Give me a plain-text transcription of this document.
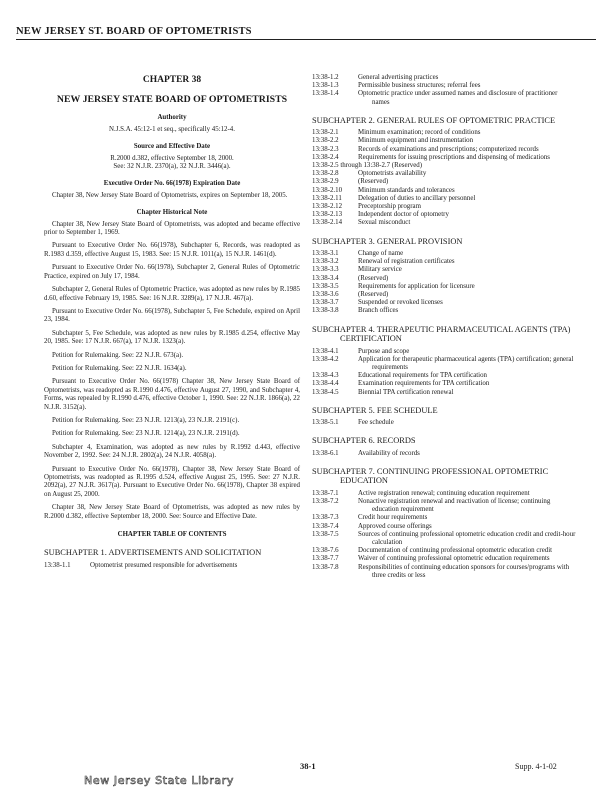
NEW JERSEY ST. BOARD OF OPTOMETRISTS
CHAPTER 38
NEW JERSEY STATE BOARD OF OPTOMETRISTS
Authority

N.J.S.A. 45:12-1 et seq., specifically 45:12-4.

Source and Effective Date

R.2000 d.382, effective September 18, 2000.

See: 32 N.J.R. 2370(a), 32 N.J.R. 3446(a).

Executive Order No. 66(1978) Expiration Date

Chapter 38, New Jersey State Board of Optometrists, expires on September 18, 2005.

Chapter Historical Note

Chapter 38, New Jersey State Board of Optometrists, was adopted and became effective prior to September 1, 1969.

Pursuant to Executive Order No. 66(1978), Subchapter 6, Records, was readopted as R.1983 d.359, effective August 15, 1983. See: 15 N.J.R. 1011(a), 15 N.J.R. 1461(d).

Pursuant to Executive Order No. 66(1978), Subchapter 2, General Rules of Optometric Practice, expired on July 17, 1984.

Subchapter 2, General Rules of Optometric Practice, was adopted as new rules by R.1985 d.60, effective February 19, 1985. See: 16 N.J.R. 3289(a), 17 N.J.R. 467(a).

Pursuant to Executive Order No. 66(1978), Subchapter 5, Fee Schedule, expired on April 23, 1984.

Subchapter 5, Fee Schedule, was adopted as new rules by R.1985 d.254, effective May 20, 1985. See: 17 N.J.R. 667(a), 17 N.J.R. 1323(a).

Petition for Rulemaking. See: 22 N.J.R. 673(a).

Petition for Rulemaking. See: 22 N.J.R. 1634(a).

Pursuant to Executive Order No. 66(1978) Chapter 38, New Jersey State Board of Optometrists, was readopted as R.1990 d.476, effective August 27, 1990, and Subchapter 4, Forms, was repealed by R.1990 d.476, effective October 1, 1990. See: 22 N.J.R. 1866(a), 22 N.J.R. 3152(a).

Petition for Rulemaking. See: 23 N.J.R. 1213(a), 23 N.J.R. 2191(c).

Petition for Rulemaking. See: 23 N.J.R. 1214(a), 23 N.J.R. 2191(d).

Subchapter 4, Examination, was adopted as new rules by R.1992 d.443, effective November 2, 1992. See: 24 N.J.R. 2802(a), 24 N.J.R. 4058(a).

Pursuant to Executive Order No. 66(1978), Chapter 38, New Jersey State Board of Optometrists, was readopted as R.1995 d.524, effective August 25, 1995. See: 27 N.J.R. 2092(a), 27 N.J.R. 3617(a). Pursuant to Executive Order No. 66(1978), Chapter 38 expired on August 25, 2000.

Chapter 38, New Jersey State Board of Optometrists, was adopted as new rules by R.2000 d.382, effective September 18, 2000. See: Source and Effective Date.

CHAPTER TABLE OF CONTENTS
SUBCHAPTER 1. ADVERTISEMENTS AND SOLICITATION
13:38-1.1	Optometrist presumed responsible for advertisements
13:38-1.2	General advertising practices
13:38-1.3	Permissible business structures; referral fees
13:38-1.4	Optometric practice under assumed names and disclosure of practitioner names
SUBCHAPTER 2. GENERAL RULES OF OPTOMETRIC PRACTICE
13:38-2.1	Minimum examination; record of conditions
13:38-2.2	Minimum equipment and instrumentation
13:38-2.3	Records of examinations and prescriptions; computerized records
13:38-2.4	Requirements for issuing prescriptions and dispensing of medications
13:38-2.5 through 13:38-2.7 (Reserved)
13:38-2.8	Optometrists availability
13:38-2.9	(Reserved)
13:38-2.10	Minimum standards and tolerances
13:38-2.11	Delegation of duties to ancillary personnel
13:38-2.12	Preceptorship program
13:38-2.13	Independent doctor of optometry
13:38-2.14	Sexual misconduct
SUBCHAPTER 3. GENERAL PROVISION
13:38-3.1	Change of name
13:38-3.2	Renewal of registration certificates
13:38-3.3	Military service
13:38-3.4	(Reserved)
13:38-3.5	Requirements for application for licensure
13:38-3.6	(Reserved)
13:38-3.7	Suspended or revoked licenses
13:38-3.8	Branch offices
SUBCHAPTER 4. THERAPEUTIC PHARMACEUTICAL AGENTS (TPA) CERTIFICATION
13:38-4.1	Purpose and scope
13:38-4.2	Application for therapeutic pharmaceutical agents (TPA) certification; general requirements
13:38-4.3	Educational requirements for TPA certification
13:38-4.4	Examination requirements for TPA certification
13:38-4.5	Biennial TPA certification renewal
SUBCHAPTER 5. FEE SCHEDULE
13:38-5.1	Fee schedule
SUBCHAPTER 6. RECORDS
13:38-6.1	Availability of records
SUBCHAPTER 7. CONTINUING PROFESSIONAL OPTOMETRIC EDUCATION
13:38-7.1	Active registration renewal; continuing education requirement
13:38-7.2	Nonactive registration renewal and reactivation of license; continuing education requirement
13:38-7.3	Credit hour requirements
13:38-7.4	Approved course offerings
13:38-7.5	Sources of continuing professional optometric education credit and credit-hour calculation
13:38-7.6	Documentation of continuing professional optometric education credit
13:38-7.7	Waiver of continuing professional optometric education requirements
13:38-7.8	Responsibilities of continuing education sponsors for courses/programs with three credits or less
38-1	Supp. 4-1-02
New Jersey State Library
